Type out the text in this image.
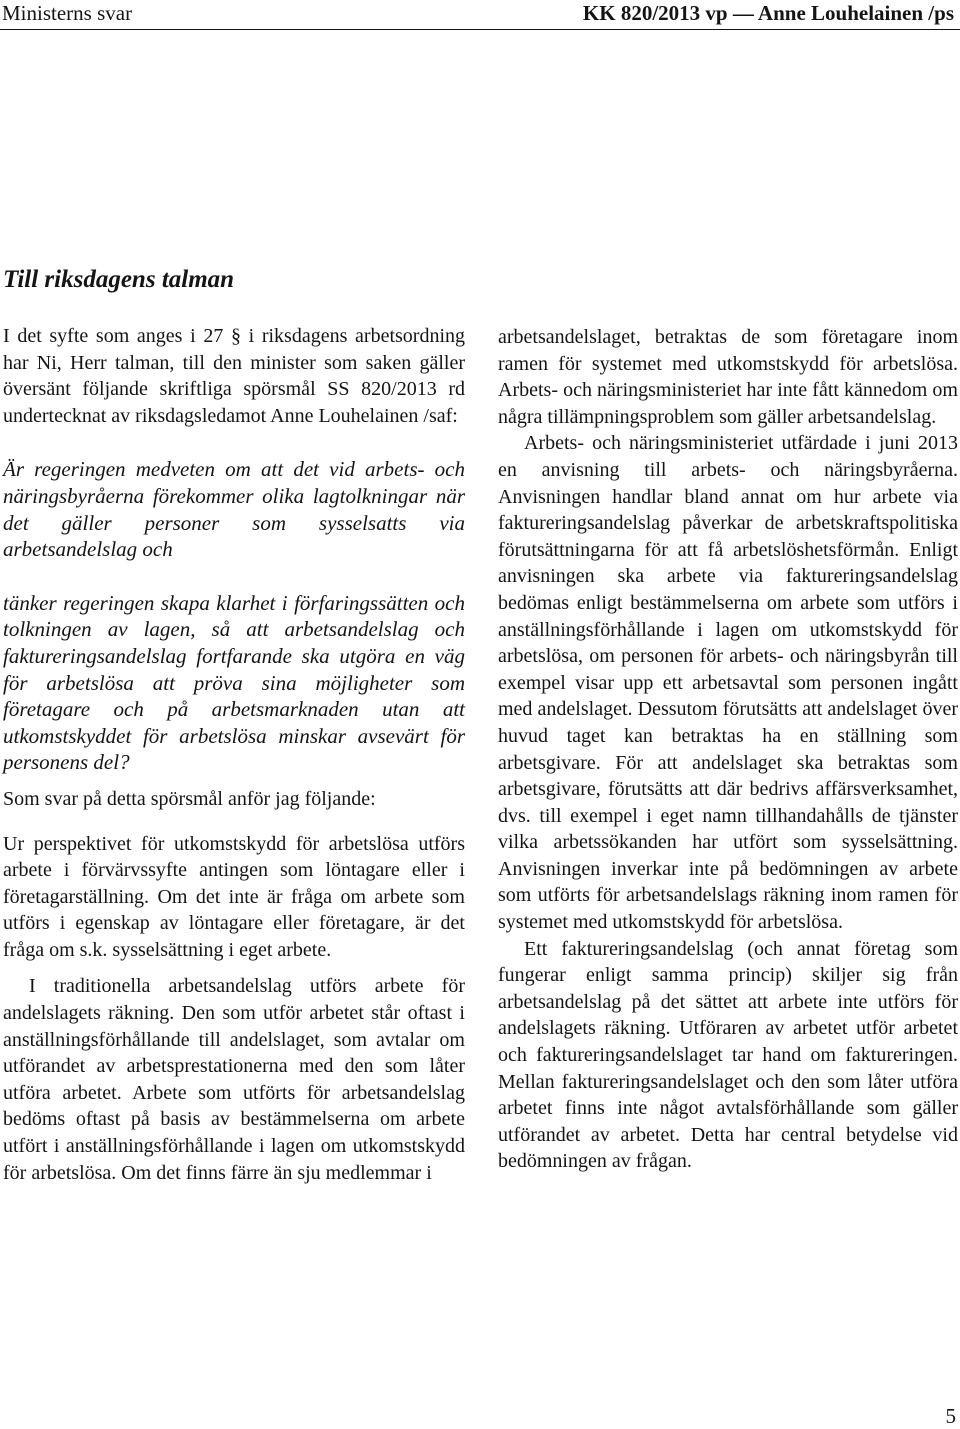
Ministerns svar	KK 820/2013 vp — Anne Louhelainen /ps
Till riksdagens talman

I det syfte som anges i 27 § i riksdagens arbetsordning har Ni, Herr talman, till den minister som saken gäller översänt följande skriftliga spörsmål SS 820/2013 rd undertecknat av riksdagsledamot Anne Louhelainen /saf:

Är regeringen medveten om att det vid arbets- och näringsbyråerna förekommer olika lagtolkningar när det gäller personer som sysselsatts via arbetsandelslag och

tänker regeringen skapa klarhet i förfaringssätten och tolkningen av lagen, så att arbetsandelslag och faktureringsandelslag fortfarande ska utgöra en väg för arbetslösa att pröva sina möjligheter som företagare och på arbetsmarknaden utan att utkomstskyddet för arbetslösa minskar avsevärt för personens del?

Som svar på detta spörsmål anför jag följande:

Ur perspektivet för utkomstskydd för arbetslösa utförs arbete i förvärvssyfte antingen som löntagare eller i företagarställning. Om det inte är fråga om arbete som utförs i egenskap av löntagare eller företagare, är det fråga om s.k. sysselsättning i eget arbete.

I traditionella arbetsandelslag utförs arbete för andelslagets räkning. Den som utför arbetet står oftast i anställningsförhållande till andelslaget, som avtalar om utförandet av arbetsprestationerna med den som låter utföra arbetet. Arbete som utförts för arbetsandelslag bedöms oftast på basis av bestämmelserna om arbete utfört i anställningsförhållande i lagen om utkomstskydd för arbetslösa. Om det finns färre än sju medlemmar i

arbetsandelslaget, betraktas de som företagare inom ramen för systemet med utkomstskydd för arbetslösa. Arbets- och näringsministeriet har inte fått kännedom om några tillämpningsproblem som gäller arbetsandelslag.

Arbets- och näringsministeriet utfärdade i juni 2013 en anvisning till arbets- och näringsbyråerna. Anvisningen handlar bland annat om hur arbete via faktureringsandelslag påverkar de arbetskraftspolitiska förutsättningarna för att få arbetslöshetsförmån. Enligt anvisningen ska arbete via faktureringsandelslag bedömas enligt bestämmelserna om arbete som utförs i anställningsförhållande i lagen om utkomstskydd för arbetslösa, om personen för arbets- och näringsbyrån till exempel visar upp ett arbetsavtal som personen ingått med andelslaget. Dessutom förutsätts att andelslaget över huvud taget kan betraktas ha en ställning som arbetsgivare. För att andelslaget ska betraktas som arbetsgivare, förutsätts att där bedrivs affärsverksamhet, dvs. till exempel i eget namn tillhandahålls de tjänster vilka arbetssökanden har utfört som sysselsättning. Anvisningen inverkar inte på bedömningen av arbete som utförts för arbetsandelslags räkning inom ramen för systemet med utkomstskydd för arbetslösa.

Ett faktureringsandelslag (och annat företag som fungerar enligt samma princip) skiljer sig från arbetsandelslag på det sättet att arbete inte utförs för andelslagets räkning. Utföraren av arbetet utför arbetet och faktureringsandelslaget tar hand om faktureringen. Mellan faktureringsandelslaget och den som låter utföra arbetet finns inte något avtalsförhållande som gäller utförandet av arbetet. Detta har central betydelse vid bedömningen av frågan.

5
